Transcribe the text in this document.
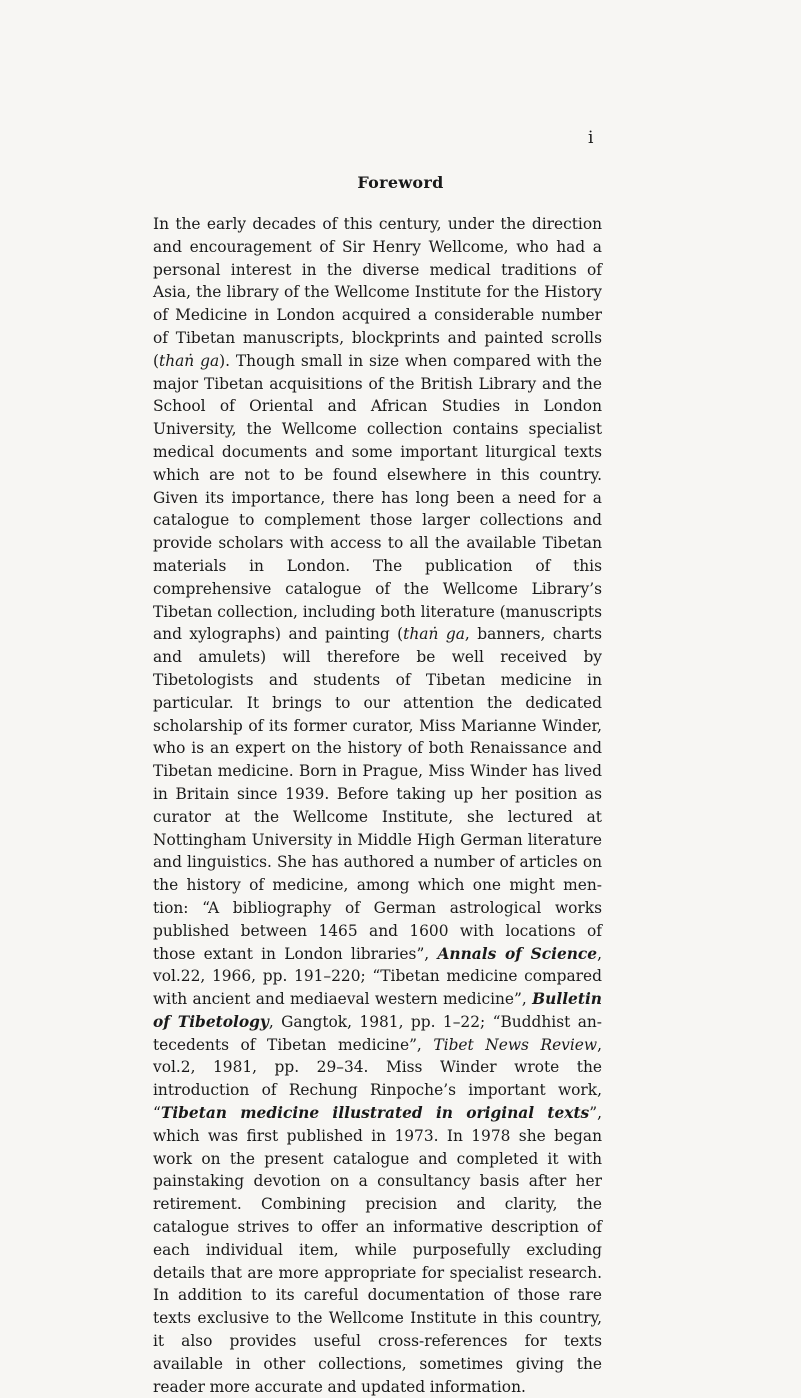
i
Foreword

In the early decades of this century, under the direction and encouragement of Sir Henry Wellcome, who had a personal interest in the diverse medical traditions of Asia, the library of the Wellcome Institute for the History of Medicine in London acquired a considerable number of Tibetan manuscripts, blockprints and painted scrolls (thaṅ ga). Though small in size when compared with the major Tibetan acquisitions of the British Library and the School of Oriental and African Studies in London University, the Wellcome collection contains specialist medical documents and some important liturgical texts which are not to be found elsewhere in this country. Given its importance, there has long been a need for a catalogue to complement those larger collections and provide scholars with access to all the available Tibetan materials in London. The publication of this comprehensive catalogue of the Wellcome Library’s Tibetan collection, including both literature (manuscripts and xylographs) and painting (thaṅ ga, banners, charts and amulets) will therefore be well received by Tibetologists and students of Tibetan medicine in particular. It brings to our attention the dedicated scholarship of its former curator, Miss Marianne Winder, who is an expert on the history of both Renaissance and Tibetan medicine. Born in Prague, Miss Winder has lived in Britain since 1939. Before taking up her position as curator at the Wellcome Institute, she lectured at Nottingham University in Middle High German literature and linguistics. She has authored a number of articles on the history of medicine, among which one might mention: “A bibliography of German astrological works published between 1465 and 1600 with locations of those extant in London libraries”, Annals of Science, vol.22, 1966, pp. 191–220; “Tibetan medicine compared with ancient and mediaeval western medicine”, Bulletin of Tibetology, Gangtok, 1981, pp. 1–22; “Buddhist antecedents of Tibetan medicine”, Tibet News Review, vol.2, 1981, pp. 29–34. Miss Winder wrote the introduction of Rechung Rinpoche’s important work, “Tibetan medicine illustrated in original texts”, which was first published in 1973. In 1978 she began work on the present catalogue and completed it with painstaking devotion on a consultancy basis after her retirement. Combining precision and clarity, the catalogue strives to offer an informative description of each individual item, while purposefully excluding details that are more appropriate for specialist research. In addition to its careful documentation of those rare texts exclusive to the Wellcome Institute in this country, it also provides useful cross-references for texts available in other collections, sometimes giving the reader more accurate and updated information.
